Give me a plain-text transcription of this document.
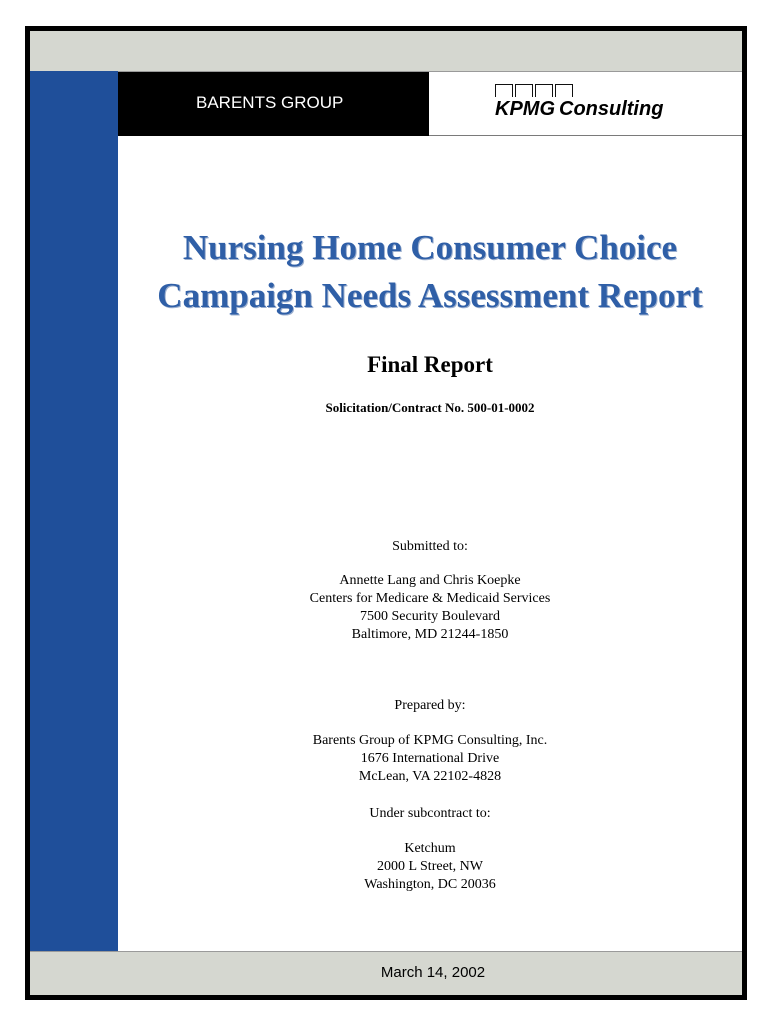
BARENTS GROUP	KPMG Consulting
Nursing Home Consumer Choice
Campaign Needs Assessment Report
Final Report
Solicitation/Contract No. 500-01-0002
Submitted to:
Annette Lang and Chris Koepke
Centers for Medicare & Medicaid Services
7500 Security Boulevard
Baltimore, MD 21244-1850
Prepared by:
Barents Group of KPMG Consulting, Inc.
1676 International Drive
McLean, VA 22102-4828
Under subcontract to:
Ketchum
2000 L Street, NW
Washington, DC 20036
March 14, 2002
